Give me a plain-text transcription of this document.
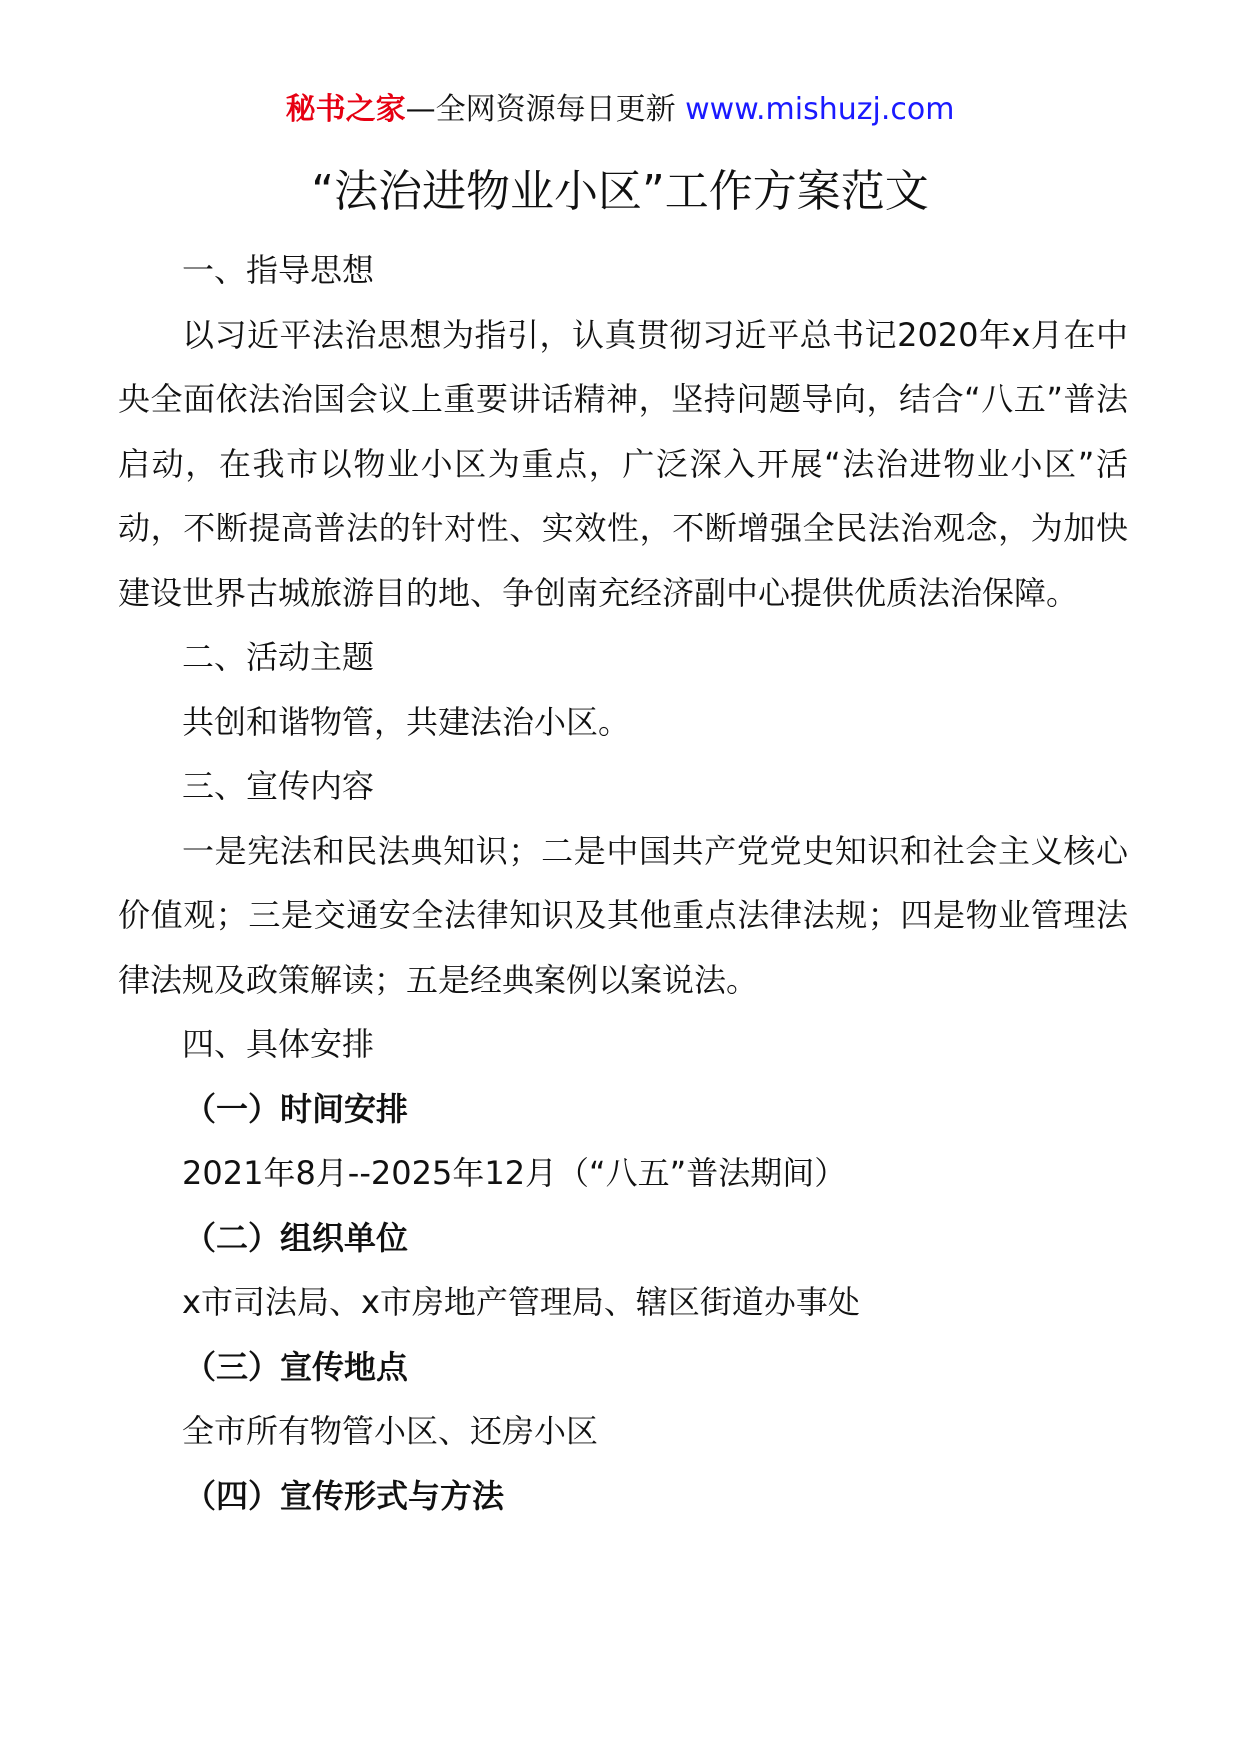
秘书之家—全网资源每日更新 www.mishuzj.com
“法治进物业小区”工作方案范文

一、指导思想

以习近平法治思想为指引，认真贯彻习近平总书记2020年x月在中央全面依法治国会议上重要讲话精神，坚持问题导向，结合“八五”普法启动，在我市以物业小区为重点，广泛深入开展“法治进物业小区”活动，不断提高普法的针对性、实效性，不断增强全民法治观念，为加快建设世界古城旅游目的地、争创南充经济副中心提供优质法治保障。

二、活动主题

共创和谐物管，共建法治小区。

三、宣传内容

一是宪法和民法典知识；二是中国共产党党史知识和社会主义核心价值观；三是交通安全法律知识及其他重点法律法规；四是物业管理法律法规及政策解读；五是经典案例以案说法。

四、具体安排

（一）时间安排

2021年8月--2025年12月（“八五”普法期间）

（二）组织单位

x市司法局、x市房地产管理局、辖区街道办事处

（三）宣传地点

全市所有物管小区、还房小区

（四）宣传形式与方法
